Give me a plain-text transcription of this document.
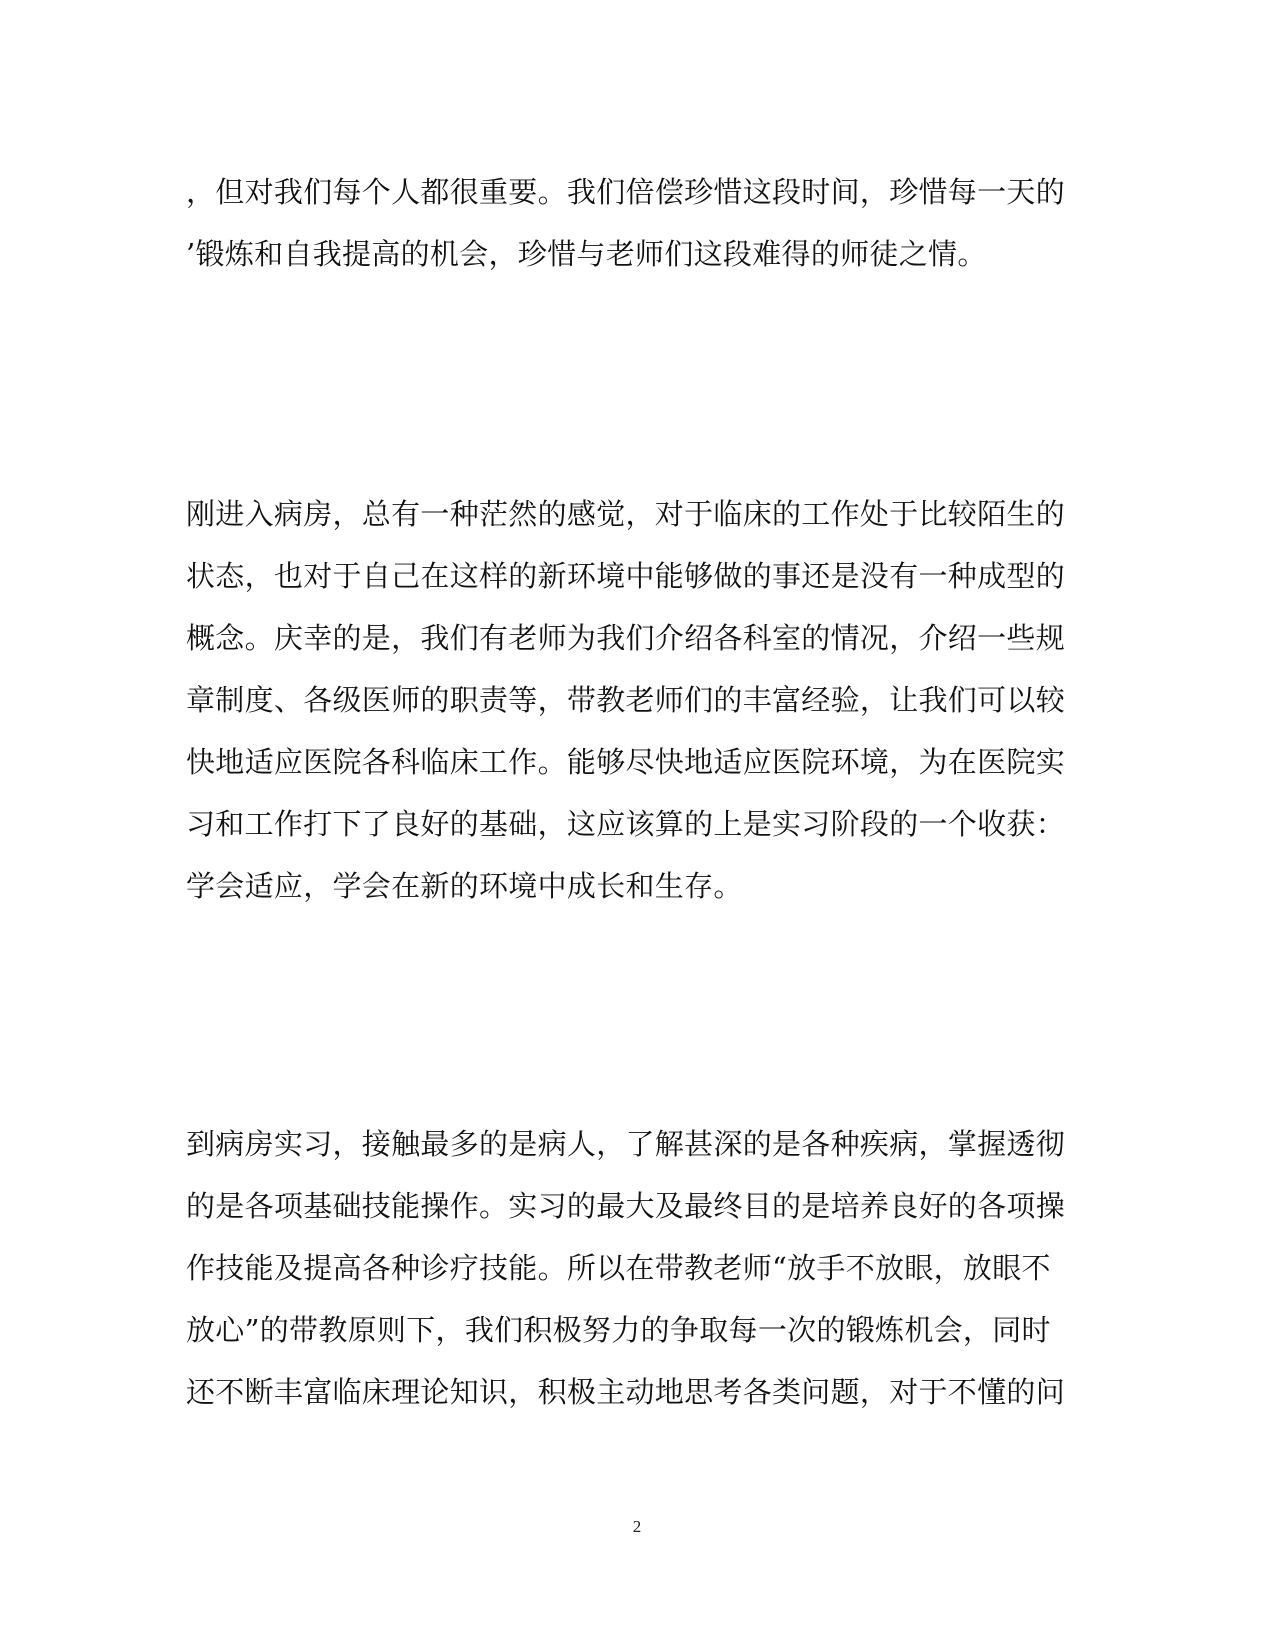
，但对我们每个人都很重要。我们倍偿珍惜这段时间，珍惜每一天的
’锻炼和自我提高的机会，珍惜与老师们这段难得的师徒之情。
刚进入病房，总有一种茫然的感觉，对于临床的工作处于比较陌生的
状态，也对于自己在这样的新环境中能够做的事还是没有一种成型的
概念。庆幸的是，我们有老师为我们介绍各科室的情况，介绍一些规
章制度、各级医师的职责等，带教老师们的丰富经验，让我们可以较
快地适应医院各科临床工作。能够尽快地适应医院环境，为在医院实
习和工作打下了良好的基础，这应该算的上是实习阶段的一个收获：
学会适应，学会在新的环境中成长和生存。
到病房实习，接触最多的是病人，了解甚深的是各种疾病，掌握透彻
的是各项基础技能操作。实习的最大及最终目的是培养良好的各项操
作技能及提高各种诊疗技能。所以在带教老师“放手不放眼，放眼不
放心”的带教原则下，我们积极努力的争取每一次的锻炼机会，同时
还不断丰富临床理论知识，积极主动地思考各类问题，对于不懂的问
2
